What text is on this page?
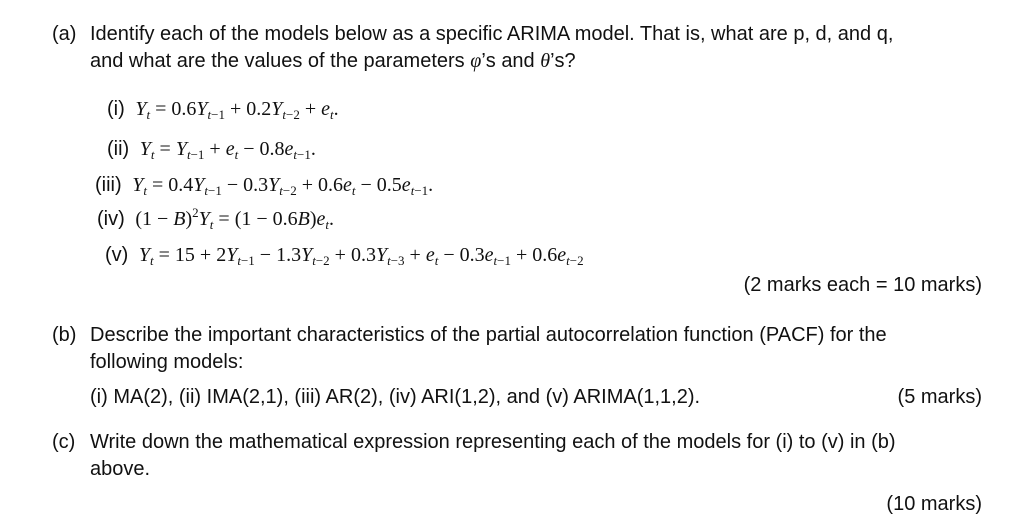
(a) Identify each of the models below as a specific ARIMA model. That is, what are p, d, and q,
and what are the values of the parameters φ’s and θ’s?
(i) $Y_t = 0.6Y_{t-1} + 0.2Y_{t-2} + e_t$.
(ii) $Y_t = Y_{t-1} + e_t - 0.8e_{t-1}$.
(iii) $Y_t = 0.4Y_{t-1} - 0.3Y_{t-2} + 0.6e_t - 0.5e_{t-1}$.
(iv)  $(1 - B)^2Y_t = (1 - 0.6B)e_t$.
(v) $Y_t = 15 + 2Y_{t-1} - 1.3Y_{t-2} + 0.3Y_{t-3} + e_t - 0.3e_{t-1} + 0.6e_{t-2}$
(2 marks each = 10 marks)
(b) Describe the important characteristics of the partial autocorrelation function (PACF) for the
following models:
(i) MA(2), (ii) IMA(2,1), (iii) AR(2), (iv) ARI(1,2), and (v) ARIMA(1,1,2).	(5 marks)
(c) Write down the mathematical expression representing each of the models for (i) to (v) in (b)
above.
(10 marks)
